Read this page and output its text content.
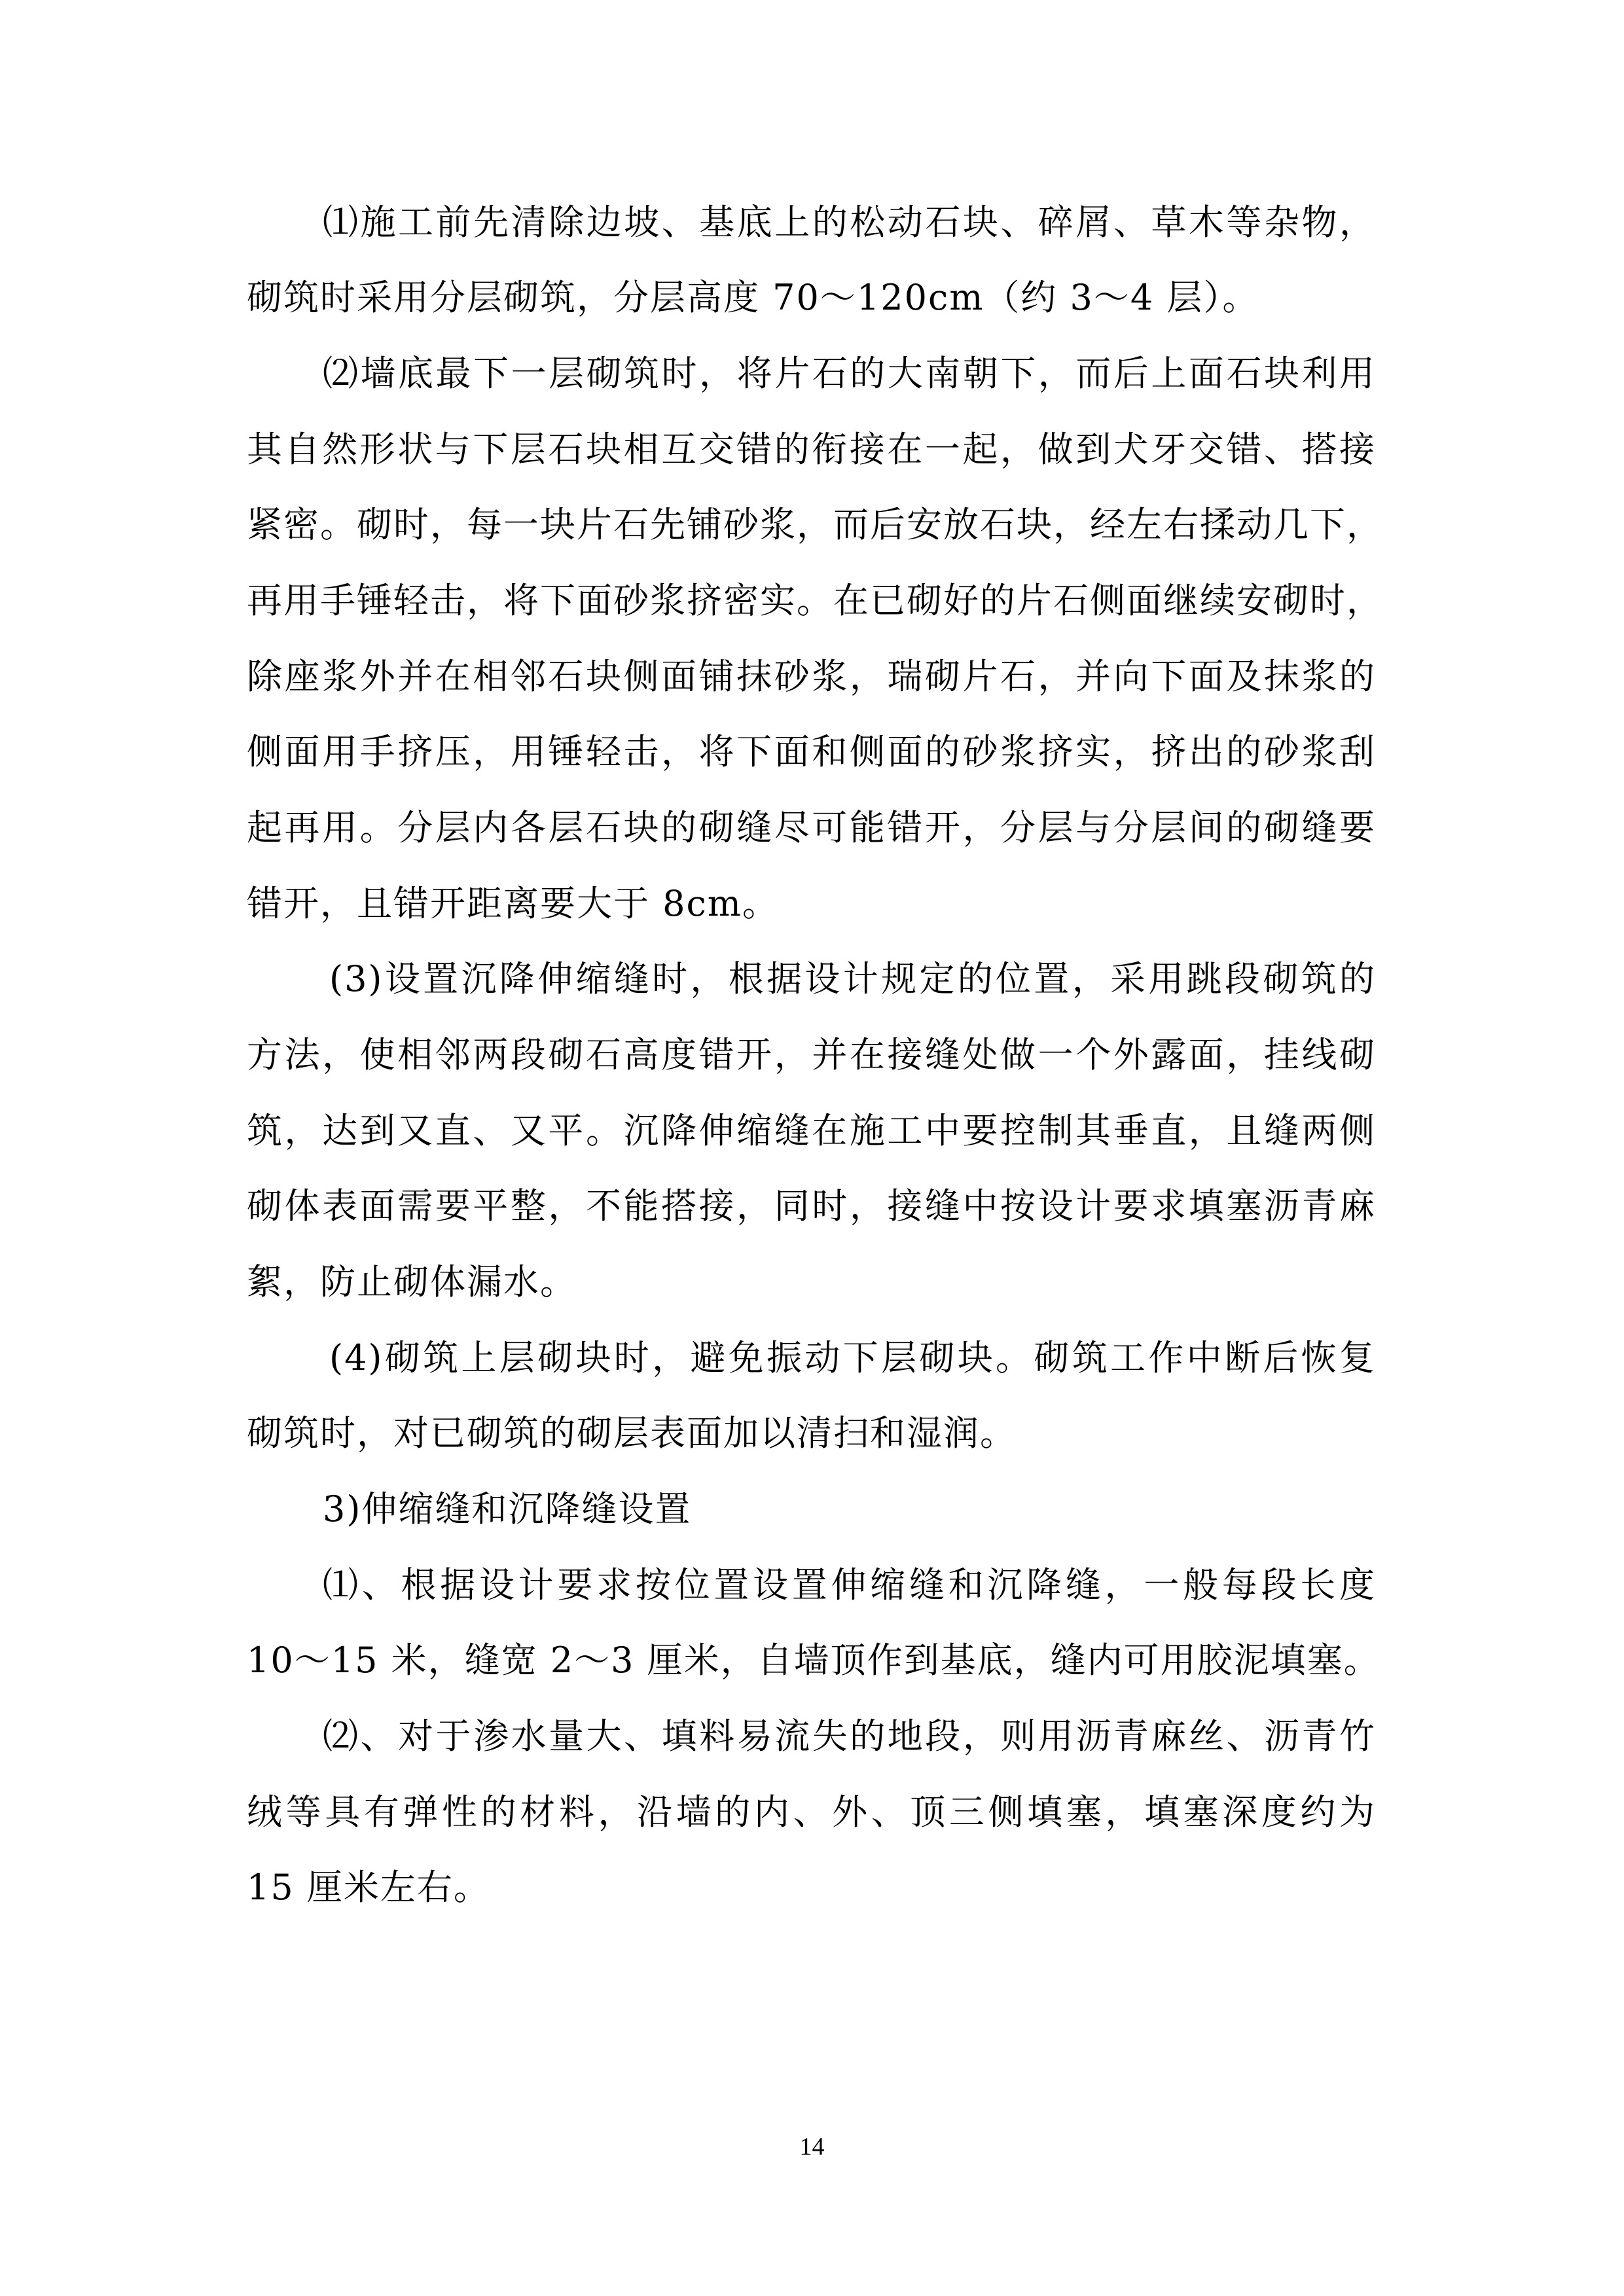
⑴施工前先清除边坡、基底上的松动石块、碎屑、草木等杂物，
砌筑时采用分层砌筑，分层高度 70～120cm（约 3～4 层）。
⑵墙底最下一层砌筑时，将片石的大南朝下，而后上面石块利用
其自然形状与下层石块相互交错的衔接在一起，做到犬牙交错、搭接
紧密。砌时，每一块片石先铺砂浆，而后安放石块，经左右揉动几下，
再用手锤轻击，将下面砂浆挤密实。在已砌好的片石侧面继续安砌时，
除座浆外并在相邻石块侧面铺抹砂浆，瑞砌片石，并向下面及抹浆的
侧面用手挤压，用锤轻击，将下面和侧面的砂浆挤实，挤出的砂浆刮
起再用。分层内各层石块的砌缝尽可能错开，分层与分层间的砌缝要
错开，且错开距离要大于 8cm。
(3)设置沉降伸缩缝时，根据设计规定的位置，采用跳段砌筑的
方法，使相邻两段砌石高度错开，并在接缝处做一个外露面，挂线砌
筑，达到又直、又平。沉降伸缩缝在施工中要控制其垂直，且缝两侧
砌体表面需要平整，不能搭接，同时，接缝中按设计要求填塞沥青麻
絮，防止砌体漏水。
(4)砌筑上层砌块时，避免振动下层砌块。砌筑工作中断后恢复
砌筑时，对已砌筑的砌层表面加以清扫和湿润。
3)伸缩缝和沉降缝设置
⑴、根据设计要求按位置设置伸缩缝和沉降缝，一般每段长度
10～15 米，缝宽 2～3 厘米，自墙顶作到基底，缝内可用胶泥填塞。
⑵、对于渗水量大、填料易流失的地段，则用沥青麻丝、沥青竹
绒等具有弹性的材料，沿墙的内、外、顶三侧填塞，填塞深度约为
15 厘米左右。
14
